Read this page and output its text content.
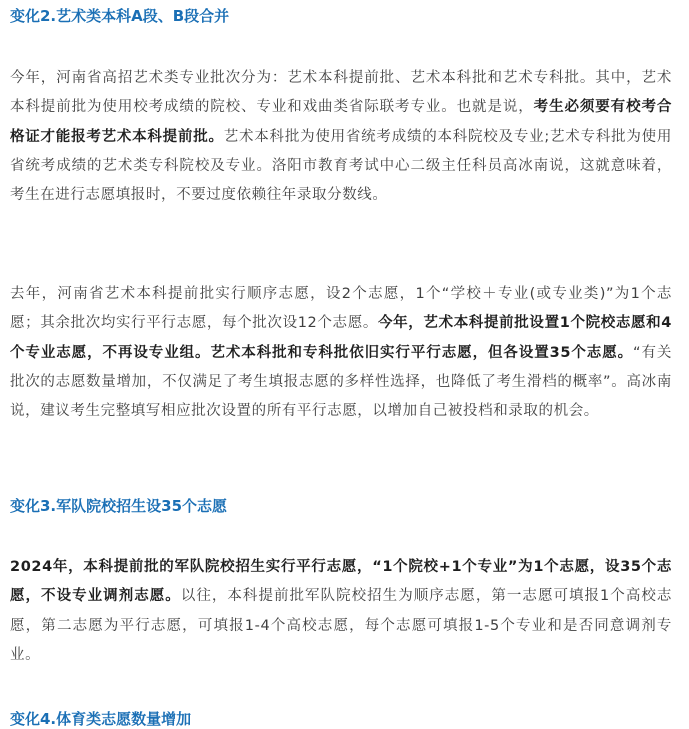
变化2.艺术类本科A段、B段合并

今年，河南省高招艺术类专业批次分为：艺术本科提前批、艺术本科批和艺术专科批。其中，艺术本科提前批为使用校考成绩的院校、专业和戏曲类省际联考专业。也就是说，考生必须要有校考合格证才能报考艺术本科提前批。艺术本科批为使用省统考成绩的本科院校及专业;艺术专科批为使用省统考成绩的艺术类专科院校及专业。洛阳市教育考试中心二级主任科员高冰南说，这就意味着，考生在进行志愿填报时，不要过度依赖往年录取分数线。

去年，河南省艺术本科提前批实行顺序志愿，设2个志愿，1个“学校＋专业(或专业类)”为1个志愿；其余批次均实行平行志愿，每个批次设12个志愿。今年，艺术本科提前批设置1个院校志愿和4个专业志愿，不再设专业组。艺术本科批和专科批依旧实行平行志愿，但各设置35个志愿。“有关批次的志愿数量增加，不仅满足了考生填报志愿的多样性选择，也降低了考生滑档的概率”。高冰南说，建议考生完整填写相应批次设置的所有平行志愿，以增加自己被投档和录取的机会。

变化3.军队院校招生设35个志愿

2024年，本科提前批的军队院校招生实行平行志愿，“1个院校+1个专业”为1个志愿，设35个志愿，不设专业调剂志愿。以往，本科提前批军队院校招生为顺序志愿，第一志愿可填报1个高校志愿，第二志愿为平行志愿，可填报1-4个高校志愿，每个志愿可填报1-5个专业和是否同意调剂专业。

变化4.体育类志愿数量增加
